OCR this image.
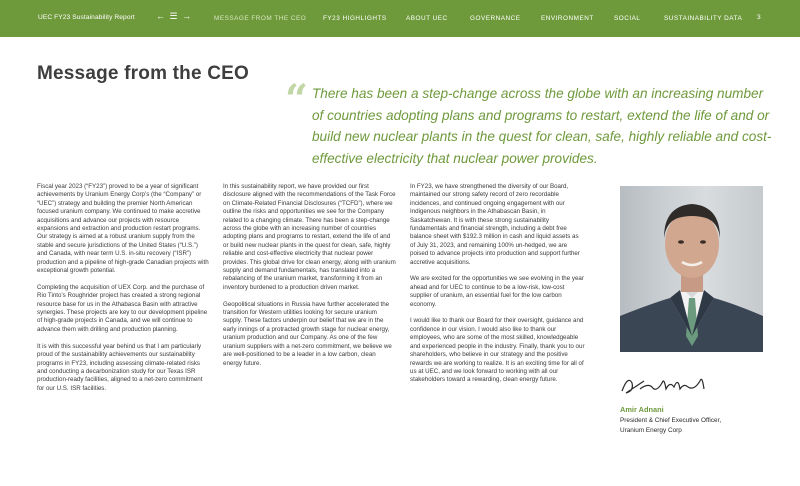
UEC FY23 Sustainability Report ← ☰ →	MESSAGE FROM THE CEO	FY23 HIGHLIGHTS	ABOUT UEC	GOVERNANCE	ENVIRONMENT	SOCIAL	SUSTAINABILITY DATA 3
Message from the CEO
“ There has been a step-change across the globe with an increasing number of countries adopting plans and programs to restart, extend the life of and or build new nuclear plants in the quest for clean, safe, highly reliable and cost-effective electricity that nuclear power provides.

Fiscal year 2023 (“FY23”) proved to be a year of significant achievements by Uranium Energy Corp’s (the “Company” or “UEC”) strategy and building the premier North American focused uranium company. We continued to make accretive acquisitions and advance our projects with resource expansions and extraction and production restart programs. Our strategy is aimed at a robust uranium supply from the stable and secure jurisdictions of the United States (“U.S.”) and Canada, with near term U.S. in-situ recovery (“ISR”) production and a pipeline of high-grade Canadian projects with exceptional growth potential.

Completing the acquisition of UEX Corp. and the purchase of Rio Tinto’s Roughrider project has created a strong regional resource base for us in the Athabasca Basin with attractive synergies. These projects are key to our development pipeline of high-grade projects in Canada, and we will continue to advance them with drilling and production planning.

It is with this successful year behind us that I am particularly proud of the sustainability achievements our sustainability programs in FY23, including assessing climate-related risks and conducting a decarbonization study for our Texas ISR production-ready facilities, aligned to a net-zero commitment for our U.S. ISR facilities.

In this sustainability report, we have provided our first disclosure aligned with the recommendations of the Task Force on Climate-Related Financial Disclosures (“TCFD”), where we outline the risks and opportunities we see for the Company related to a changing climate. There has been a step-change across the globe with an increasing number of countries adopting plans and programs to restart, extend the life of and or build new nuclear plants in the quest for clean, safe, highly reliable and cost-effective electricity that nuclear power provides. This global drive for clean energy, along with uranium supply and demand fundamentals, has translated into a rebalancing of the uranium market, transforming it from an inventory burdened to a production driven market.

Geopolitical situations in Russia have further accelerated the transition for Western utilities looking for secure uranium supply. These factors underpin our belief that we are in the early innings of a protracted growth stage for nuclear energy, uranium production and our Company. As one of the few uranium suppliers with a net-zero commitment, we believe we are well-positioned to be a leader in a low carbon, clean energy future.

In FY23, we have strengthened the diversity of our Board, maintained our strong safety record of zero recordable incidences, and continued ongoing engagement with our Indigenous neighbors in the Athabascan Basin, in Saskatchewan. It is with these strong sustainability fundamentals and financial strength, including a debt free balance sheet with $192.3 million in cash and liquid assets as of July 31, 2023, and remaining 100% un-hedged, we are poised to advance projects into production and support further accretive acquisitions.

We are excited for the opportunities we see evolving in the year ahead and for UEC to continue to be a low-risk, low-cost supplier of uranium, an essential fuel for the low carbon economy.

I would like to thank our Board for their oversight, guidance and confidence in our vision. I would also like to thank our employees, who are some of the most skilled, knowledgeable and experienced people in the industry. Finally, thank you to our shareholders, who believe in our strategy and the positive rewards we are working to realize. It is an exciting time for all of us at UEC, and we look forward to working with all our stakeholders toward a rewarding, clean energy future.

Amir Adnani
President & Chief Executive Officer,
Uranium Energy Corp
